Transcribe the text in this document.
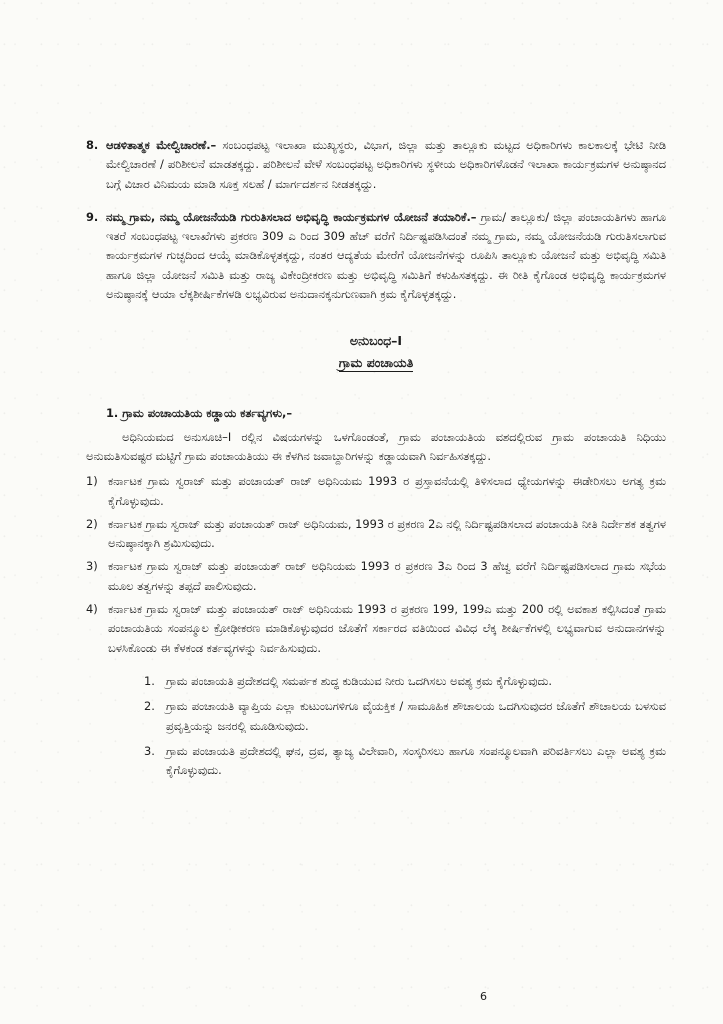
8. ಆಡಳಿತಾತ್ಮಕ ಮೇಲ್ವಿಚಾರಣೆ.– ಸಂಬಂಧಪಟ್ಟ ಇಲಾಖಾ ಮುಖ್ಯಸ್ಥರು, ವಿಭಾಗ, ಜಿಲ್ಲಾ ಮತ್ತು ತಾಲ್ಲೂಕು ಮಟ್ಟದ ಅಧಿಕಾರಿಗಳು ಕಾಲಕಾಲಕ್ಕೆ ಭೇಟಿ ನೀಡಿ ಮೇಲ್ವಿಚಾರಣೆ / ಪರಿಶೀಲನೆ ಮಾಡತಕ್ಕದ್ದು. ಪರಿಶೀಲನೆ ವೇಳೆ ಸಂಬಂಧಪಟ್ಟ ಅಧಿಕಾರಿಗಳು ಸ್ಥಳೀಯ ಅಧಿಕಾರಿಗಳೊಡನೆ ಇಲಾಖಾ ಕಾರ್ಯಕ್ರಮಗಳ ಅನುಷ್ಠಾನದ ಬಗ್ಗೆ ವಿಚಾರ ವಿನಿಮಯ ಮಾಡಿ ಸೂಕ್ತ ಸಲಹೆ / ಮಾರ್ಗದರ್ಶನ ನೀಡತಕ್ಕದ್ದು.
9. ನಮ್ಮ ಗ್ರಾಮ, ನಮ್ಮ ಯೋಜನೆಯಡಿ ಗುರುತಿಸಲಾದ ಅಭಿವೃದ್ಧಿ ಕಾರ್ಯಕ್ರಮಗಳ ಯೋಜನೆ ತಯಾರಿಕೆ.– ಗ್ರಾಮ/ ತಾಲ್ಲೂಕು/ ಜಿಲ್ಲಾ ಪಂಚಾಯತಿಗಳು ಹಾಗೂ ಇತರೆ ಸಂಬಂಧಪಟ್ಟ ಇಲಾಖೆಗಳು ಪ್ರಕರಣ 309 ಎ ರಿಂದ 309 ಹೆಚ್ ವರೆಗೆ ನಿರ್ದಿಷ್ಟಪಡಿಸಿದಂತೆ ನಮ್ಮ ಗ್ರಾಮ, ನಮ್ಮ ಯೋಜನೆಯಡಿ ಗುರುತಿಸಲಾಗುವ ಕಾರ್ಯಕ್ರಮಗಳ ಗುಚ್ಛದಿಂದ ಆಯ್ಕೆ ಮಾಡಿಕೊಳ್ಳತಕ್ಕದ್ದು, ನಂತರ ಆದ್ಯತೆಯ ಮೇರೆಗೆ ಯೋಜನೆಗಳನ್ನು ರೂಪಿಸಿ ತಾಲ್ಲೂಕು ಯೋಜನೆ ಮತ್ತು ಅಭಿವೃದ್ಧಿ ಸಮಿತಿ ಹಾಗೂ ಜಿಲ್ಲಾ ಯೋಜನೆ ಸಮಿತಿ ಮತ್ತು ರಾಜ್ಯ ವಿಕೇಂದ್ರೀಕರಣ ಮತ್ತು ಅಭಿವೃದ್ಧಿ ಸಮಿತಿಗೆ ಕಳುಹಿಸತಕ್ಕದ್ದು. ಈ ರೀತಿ ಕೈಗೊಂಡ ಅಭಿವೃದ್ಧಿ ಕಾರ್ಯಕ್ರಮಗಳ ಅನುಷ್ಠಾನಕ್ಕೆ ಆಯಾ ಲೆಕ್ಕಶೀರ್ಷಿಕೆಗಳಡಿ ಲಭ್ಯವಿರುವ ಅನುದಾನಕ್ಕನುಗುಣವಾಗಿ ಕ್ರಮ ಕೈಗೊಳ್ಳತಕ್ಕದ್ದು.
ಅನುಬಂಧ–I
ಗ್ರಾಮ ಪಂಚಾಯತಿ
1. ಗ್ರಾಮ ಪಂಚಾಯತಿಯ ಕಡ್ಡಾಯ ಕರ್ತವ್ಯಗಳು,–

ಅಧಿನಿಯಮದ ಅನುಸೂಚಿ–I ರಲ್ಲಿನ ವಿಷಯಗಳನ್ನು ಒಳಗೊಂಡಂತೆ, ಗ್ರಾಮ ಪಂಚಾಯತಿಯ ವಶದಲ್ಲಿರುವ ಗ್ರಾಮ ಪಂಚಾಯತಿ ನಿಧಿಯು ಅನುಮತಿಸುವಷ್ಟರ ಮಟ್ಟಿಗೆ ಗ್ರಾಮ ಪಂಚಾಯತಿಯು ಈ ಕೆಳಗಿನ ಜವಾಬ್ದಾರಿಗಳನ್ನು ಕಡ್ಡಾಯವಾಗಿ ನಿರ್ವಹಿಸತಕ್ಕದ್ದು.

1) ಕರ್ನಾಟಕ ಗ್ರಾಮ ಸ್ವರಾಜ್ ಮತ್ತು ಪಂಚಾಯತ್ ರಾಜ್ ಅಧಿನಿಯಮ 1993 ರ ಪ್ರಸ್ತಾವನೆಯಲ್ಲಿ ತಿಳಿಸಲಾದ ಧ್ಯೇಯಗಳನ್ನು ಈಡೇರಿಸಲು ಅಗತ್ಯ ಕ್ರಮ ಕೈಗೊಳ್ಳುವುದು.
2) ಕರ್ನಾಟಕ ಗ್ರಾಮ ಸ್ವರಾಜ್ ಮತ್ತು ಪಂಚಾಯತ್ ರಾಜ್ ಅಧಿನಿಯಮ, 1993 ರ ಪ್ರಕರಣ 2ಎ ನಲ್ಲಿ ನಿರ್ದಿಷ್ಟಪಡಿಸಲಾದ ಪಂಚಾಯತಿ ನೀತಿ ನಿರ್ದೇಶಕ ತತ್ವಗಳ ಅನುಷ್ಠಾನಕ್ಕಾಗಿ ಶ್ರಮಿಸುವುದು.
3) ಕರ್ನಾಟಕ ಗ್ರಾಮ ಸ್ವರಾಜ್ ಮತ್ತು ಪಂಚಾಯತ್ ರಾಜ್ ಅಧಿನಿಯಮ 1993 ರ ಪ್ರಕರಣ 3ಎ ರಿಂದ 3 ಹೆಚ್ವ ವರೆಗೆ ನಿರ್ದಿಷ್ಟಪಡಿಸಲಾದ ಗ್ರಾಮ ಸಭೆಯ ಮೂಲ ತತ್ವಗಳನ್ನು ತಪ್ಪದೆ ಪಾಲಿಸುವುದು.
4) ಕರ್ನಾಟಕ ಗ್ರಾಮ ಸ್ವರಾಜ್ ಮತ್ತು ಪಂಚಾಯತ್ ರಾಜ್ ಅಧಿನಿಯಮ 1993 ರ ಪ್ರಕರಣ 199, 199ಎ ಮತ್ತು 200 ರಲ್ಲಿ ಅವಕಾಶ ಕಲ್ಪಿಸಿದಂತೆ ಗ್ರಾಮ ಪಂಚಾಯತಿಯ ಸಂಪನ್ಮೂಲ ಕ್ರೋಢೀಕರಣ ಮಾಡಿಕೊಳ್ಳುವುದರ ಜೊತೆಗೆ ಸರ್ಕಾರದ ವತಿಯಿಂದ ವಿವಿಧ ಲೆಕ್ಕ ಶೀರ್ಷಿಕೆಗಳಲ್ಲಿ ಲಭ್ಯವಾಗುವ ಅನುದಾನಗಳನ್ನು ಬಳಸಿಕೊಂಡು ಈ ಕೆಳಕಂಡ ಕರ್ತವ್ಯಗಳನ್ನು ನಿರ್ವಹಿಸುವುದು.
1. ಗ್ರಾಮ ಪಂಚಾಯತಿ ಪ್ರದೇಶದಲ್ಲಿ ಸಮರ್ಪಕ ಶುದ್ಧ ಕುಡಿಯುವ ನೀರು ಒದಗಿಸಲು ಅವಶ್ಯ ಕ್ರಮ ಕೈಗೊಳ್ಳುವುದು.
2. ಗ್ರಾಮ ಪಂಚಾಯತಿ ವ್ಯಾಪ್ತಿಯ ಎಲ್ಲಾ ಕುಟುಂಬಗಳಿಗೂ ವೈಯಕ್ತಿಕ / ಸಾಮೂಹಿಕ ಶೌಚಾಲಯ ಒದಗಿಸುವುದರ ಜೊತೆಗೆ ಶೌಚಾಲಯ ಬಳಸುವ ಪ್ರವೃತ್ತಿಯನ್ನು ಜನರಲ್ಲಿ ಮೂಡಿಸುವುದು.
3. ಗ್ರಾಮ ಪಂಚಾಯತಿ ಪ್ರದೇಶದಲ್ಲಿ ಘನ, ದ್ರವ, ತ್ಯಾಜ್ಯ ವಿಲೇವಾರಿ, ಸಂಸ್ಕರಿಸಲು ಹಾಗೂ ಸಂಪನ್ಮೂಲವಾಗಿ ಪರಿವರ್ತಿಸಲು ಎಲ್ಲಾ ಅವಶ್ಯ ಕ್ರಮ ಕೈಗೊಳ್ಳುವುದು.
6
